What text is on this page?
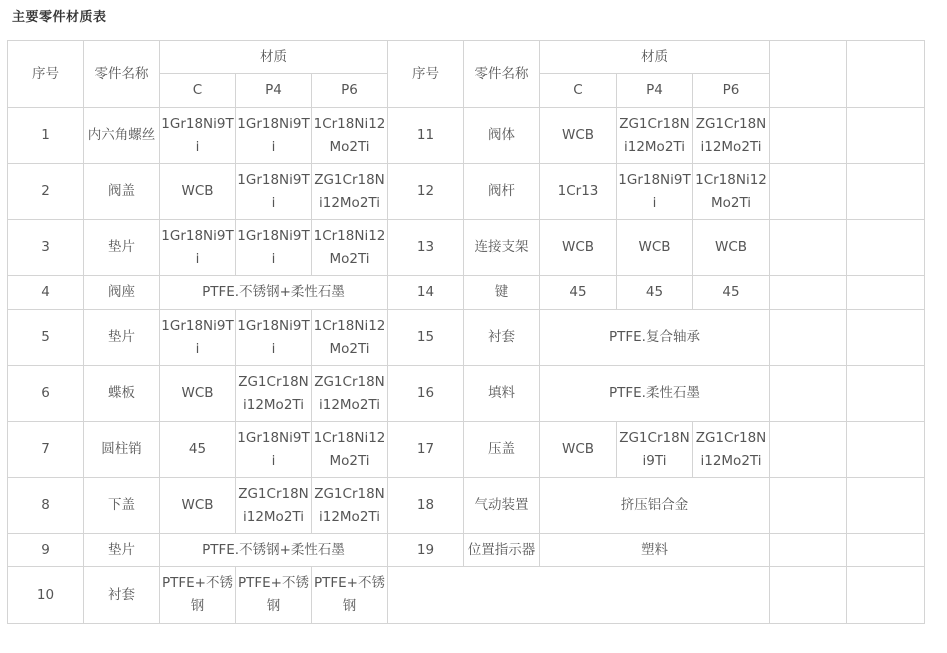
主要零件材质表
序号	零件名称	材质			序号	零件名称	材质				
		C	P4	P6			C	P4	P6		
1	内六角螺丝	1Gr18Ni9Ti	1Gr18Ni9Ti	1Cr18Ni12Mo2Ti	11	阀体	WCB	ZG1Cr18Ni12Mo2Ti	ZG1Cr18Ni12Mo2Ti		
2	阀盖	WCB	1Gr18Ni9Ti	ZG1Cr18Ni12Mo2Ti	12	阀杆	1Cr13	1Gr18Ni9Ti	1Cr18Ni12Mo2Ti		
3	垫片	1Gr18Ni9Ti	1Gr18Ni9Ti	1Cr18Ni12Mo2Ti	13	连接支架	WCB	WCB	WCB		
4	阀座	PTFE.不锈钢+柔性石墨			14	键	45	45	45		
5	垫片	1Gr18Ni9Ti	1Gr18Ni9Ti	1Cr18Ni12Mo2Ti	15	衬套	PTFE.复合轴承				
6	蝶板	WCB	ZG1Cr18Ni12Mo2Ti	ZG1Cr18Ni12Mo2Ti	16	填料	PTFE.柔性石墨				
7	圆柱销	45	1Gr18Ni9Ti	1Cr18Ni12Mo2Ti	17	压盖	WCB	ZG1Cr18Ni9Ti	ZG1Cr18Ni12Mo2Ti		
8	下盖	WCB	ZG1Cr18Ni12Mo2Ti	ZG1Cr18Ni12Mo2Ti	18	气动装置	挤压铝合金				
9	垫片	PTFE.不锈钢+柔性石墨			19	位置指示器	塑料				
10	衬套	PTFE+不锈钢	PTFE+不锈钢	PTFE+不锈钢							
